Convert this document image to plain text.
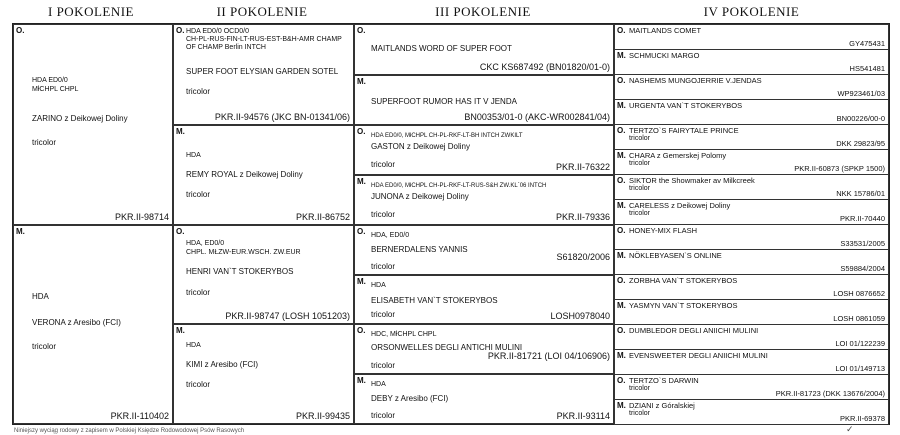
I POKOLENIE	II POKOLENIE	III POKOLENIE	IV POKOLENIE
O.
HDA ED0/0
MłCHPL CHPL
ZARINO z Deikowej Doliny
tricolor
PKR.II-98714
M.
HDA
VERONA z Aresibo (FCI)
tricolor
PKR.II-110402
O. HDA ED0/0 OCD0/0
CH-PL-RUS-FIN-LT-RUS-EST-B&H-AMR CHAMP
OF CHAMP Berlin INTCH
SUPER FOOT ELYSIAN GARDEN SOTEL
tricolor
PKR.II-94576 (JKC BN-01341/06)
M.
HDA
REMY ROYAL z Deikowej Doliny
tricolor
PKR.II-86752
O.
HDA, ED0/0
CHPL. MŁZW-EUR.WSCH. ZW.EUR
HENRI VAN`T STOKERYBOS
tricolor
PKR.II-98747 (LOSH 1051203)
M.
HDA
KIMI z Aresibo (FCI)
tricolor
PKR.II-99435
O.
MAITLANDS WORD OF SUPER FOOT
CKC KS687492 (BN01820/01-0)
M.
SUPERFOOT RUMOR HAS IT V JENDA
BN00353/01-0 (AKC-WR002841/04)
O. HDA ED0/0, MłCHPL CH-PL-RKF-LT-BH INTCH ZWKILT
GASTON z Deikowej Doliny
tricolor	PKR.II-76322
M. HDA ED0/0, MłCHPL CH-PL-RKF-LT-RUS-S&H ZW.KL`06 INTCH
JUNONA z Deikowej Doliny
tricolor	PKR.II-79336
O. HDA, ED0/0
BERNERDALENS YANNIS
tricolor
S61820/2006
M. HDA
ELISABETH VAN`T STOKERYBOS
tricolor	LOSH0978040
O. HDC, MłCHPL CHPL
ORSONWELLES DEGLI ANTICHI MULINI
tricolor
PKR.II-81721 (LOI 04/106906)
M. HDA
DEBY z Aresibo (FCI)
tricolor	PKR.II-93114
O. MAITLANDS COMET
GY475431
M. SCHMUCKI MARGO
HS541481
O. NASHEMS MUNGOJERRIE V.JENDAS
WP923461/03
M. URGENTA VAN`T STOKERYBOS
BN00226/00-0
O. TERTZO`S FAIRYTALE PRINCE
tricolor	DKK 29823/95
M. CHARA z Gemerskej Polomy
tricolor	PKR.II-60873 (SPKP 1500)
O. SIKTOR the Showmaker av Milkcreek
tricolor	NKK 15786/01
M. CARELESS z Deikowej Doliny
tricolor	PKR.II-70440
O. HONEY-MIX FLASH
S33531/2005
M. NÖKLEBYASEN`S ONLINE
S59884/2004
O. ZORBHA VAN`T STOKERYBOS
LOSH 0876652
M. YASMYN VAN`T STOKERYBOS
LOSH 0861059
O. DUMBLEDOR DEGLI ANIICHI MULINI
LOI 01/122239
M. EVENSWEETER DEGLI ANIICHI MULINI
LOI 01/149713
O. TERTZO`S DARWIN
tricolor	PKR.II-81723 (DKK 13676/2004)
M. DZIANI z Góralskiej
tricolor	PKR.II-69378
Niniejszy wyciąg rodowy z zapisem w Polskiej Księdze Rodowodowej Psów Rasowych	✓
